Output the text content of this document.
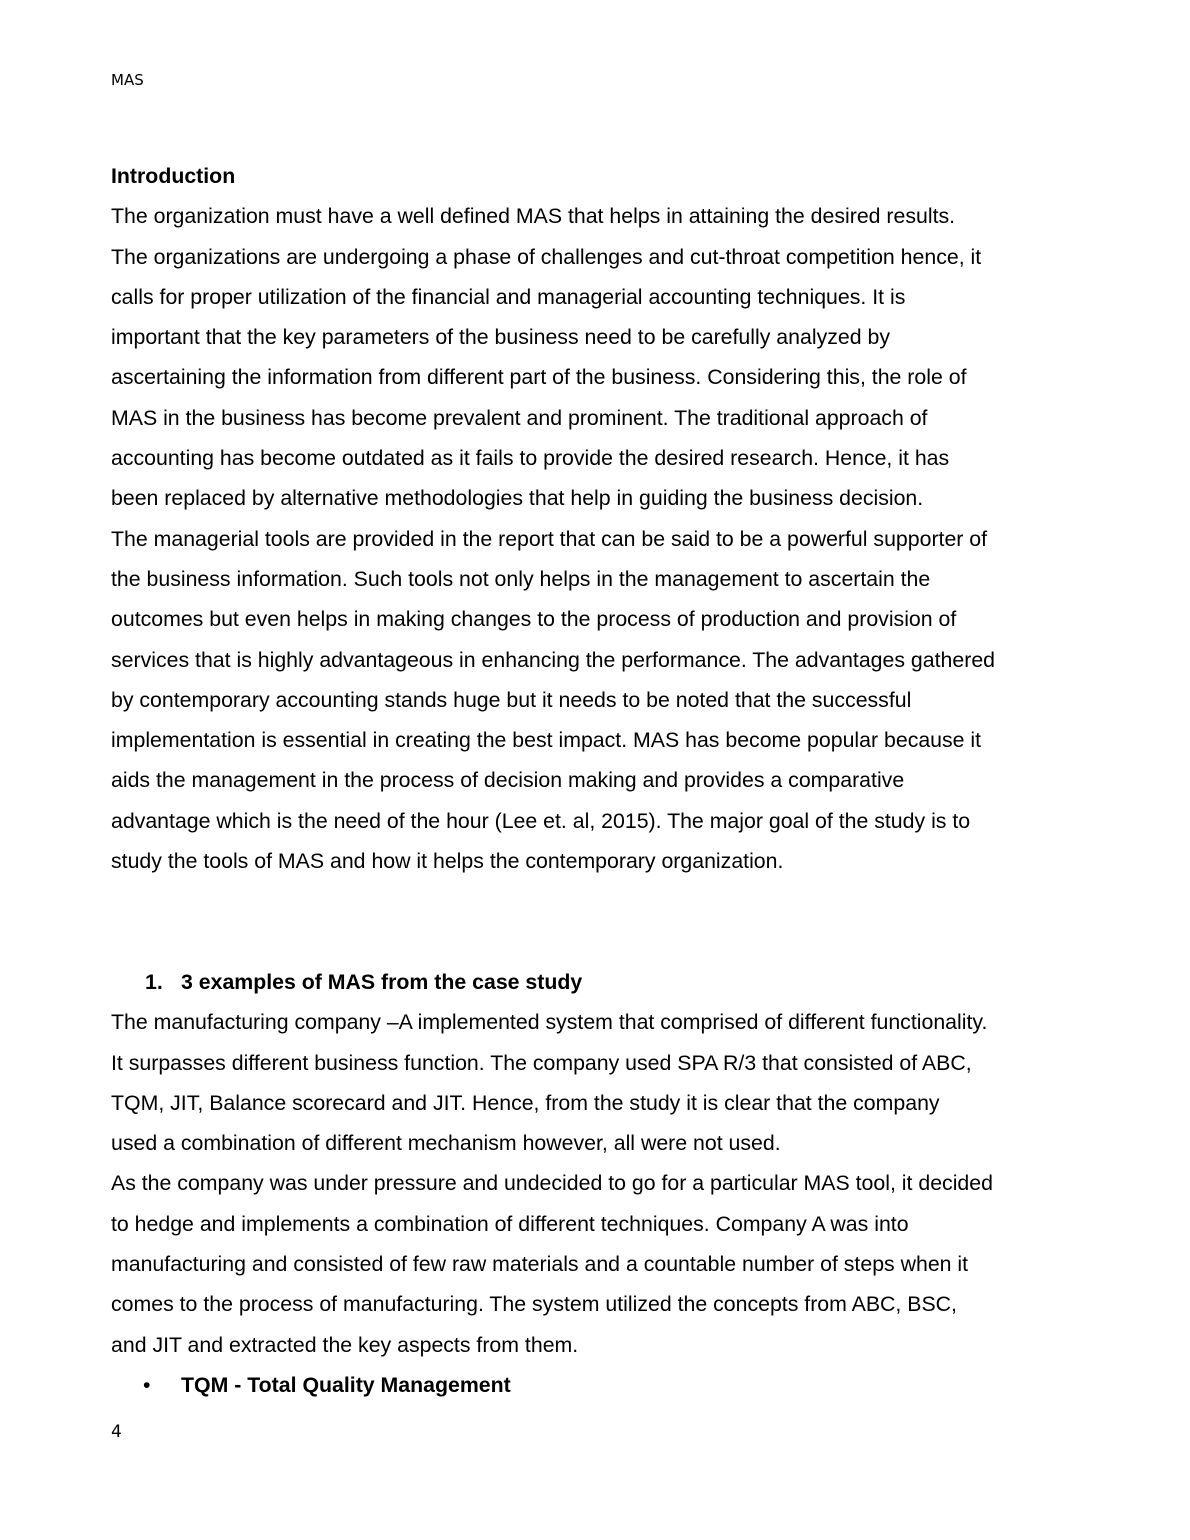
MAS

Introduction

The organization must have a well defined MAS that helps in attaining the desired results.

The organizations are undergoing a phase of challenges and cut-throat competition hence, it

calls for proper utilization of the financial and managerial accounting techniques. It is

important that the key parameters of the business need to be carefully analyzed by

ascertaining the information from different part of the business. Considering this, the role of

MAS in the business has become prevalent and prominent. The traditional approach of

accounting has become outdated as it fails to provide the desired research. Hence, it has

been replaced by alternative methodologies that help in guiding the business decision.

The managerial tools are provided in the report that can be said to be a powerful supporter of

the business information. Such tools not only helps in the management to ascertain the

outcomes but even helps in making changes to the process of production and provision of

services that is highly advantageous in enhancing the performance. The advantages gathered

by contemporary accounting stands huge but it needs to be noted that the successful

implementation is essential in creating the best impact. MAS has become popular because it

aids the management in the process of decision making and provides a comparative

advantage which is the need of the hour (Lee et. al, 2015). The major goal of the study is to

study the tools of MAS and how it helps the contemporary organization.

1. 3 examples of MAS from the case study

The manufacturing company –A implemented system that comprised of different functionality.

It surpasses different business function. The company used SPA R/3 that consisted of ABC,

TQM, JIT, Balance scorecard and JIT. Hence, from the study it is clear that the company

used a combination of different mechanism however, all were not used.

As the company was under pressure and undecided to go for a particular MAS tool, it decided

to hedge and implements a combination of different techniques. Company A was into

manufacturing and consisted of few raw materials and a countable number of steps when it

comes to the process of manufacturing. The system utilized the concepts from ABC, BSC,

and JIT and extracted the key aspects from them.

• TQM - Total Quality Management

4
